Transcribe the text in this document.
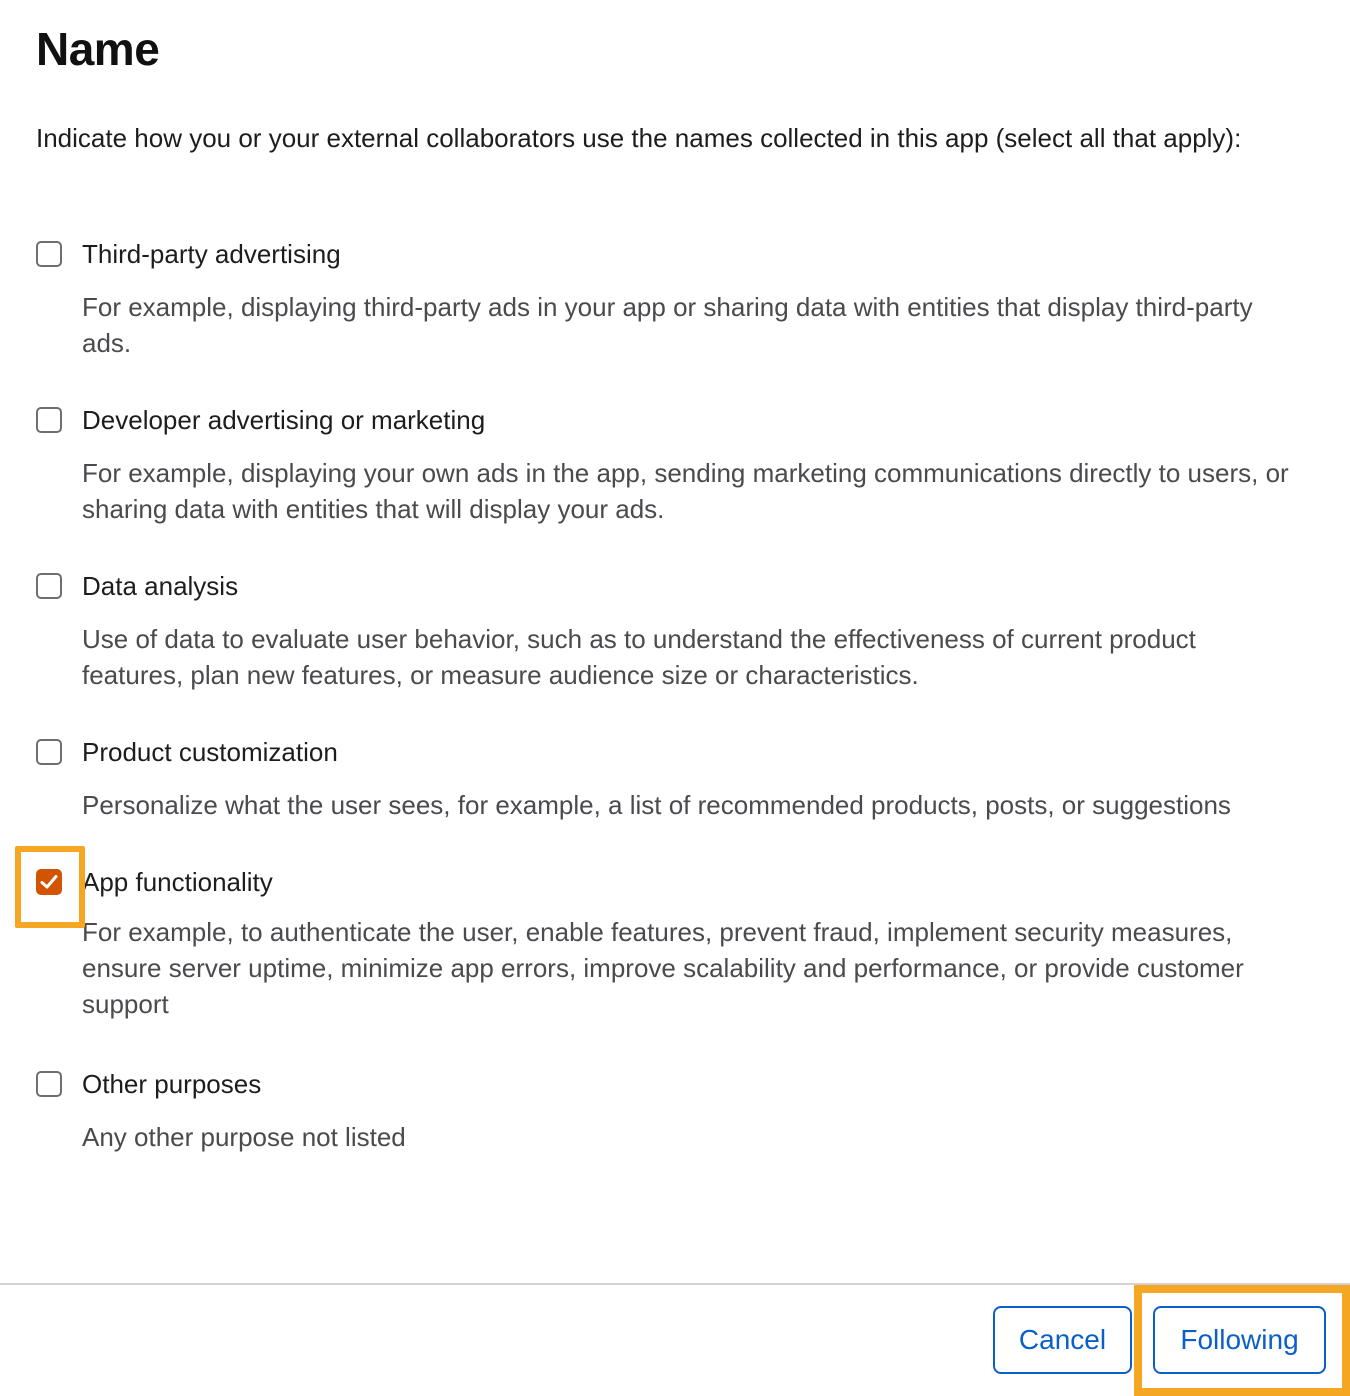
Name

Indicate how you or your external collaborators use the names collected in this app (select all that apply):

Third-party advertising

For example, displaying third-party ads in your app or sharing data with entities that display third-party ads.

Developer advertising or marketing

For example, displaying your own ads in the app, sending marketing communications directly to users, or sharing data with entities that will display your ads.

Data analysis

Use of data to evaluate user behavior, such as to understand the effectiveness of current product features, plan new features, or measure audience size or characteristics.

Product customization

Personalize what the user sees, for example, a list of recommended products, posts, or suggestions

App functionality

For example, to authenticate the user, enable features, prevent fraud, implement security measures, ensure server uptime, minimize app errors, improve scalability and performance, or provide customer support

Other purposes

Any other purpose not listed

Cancel	Following
